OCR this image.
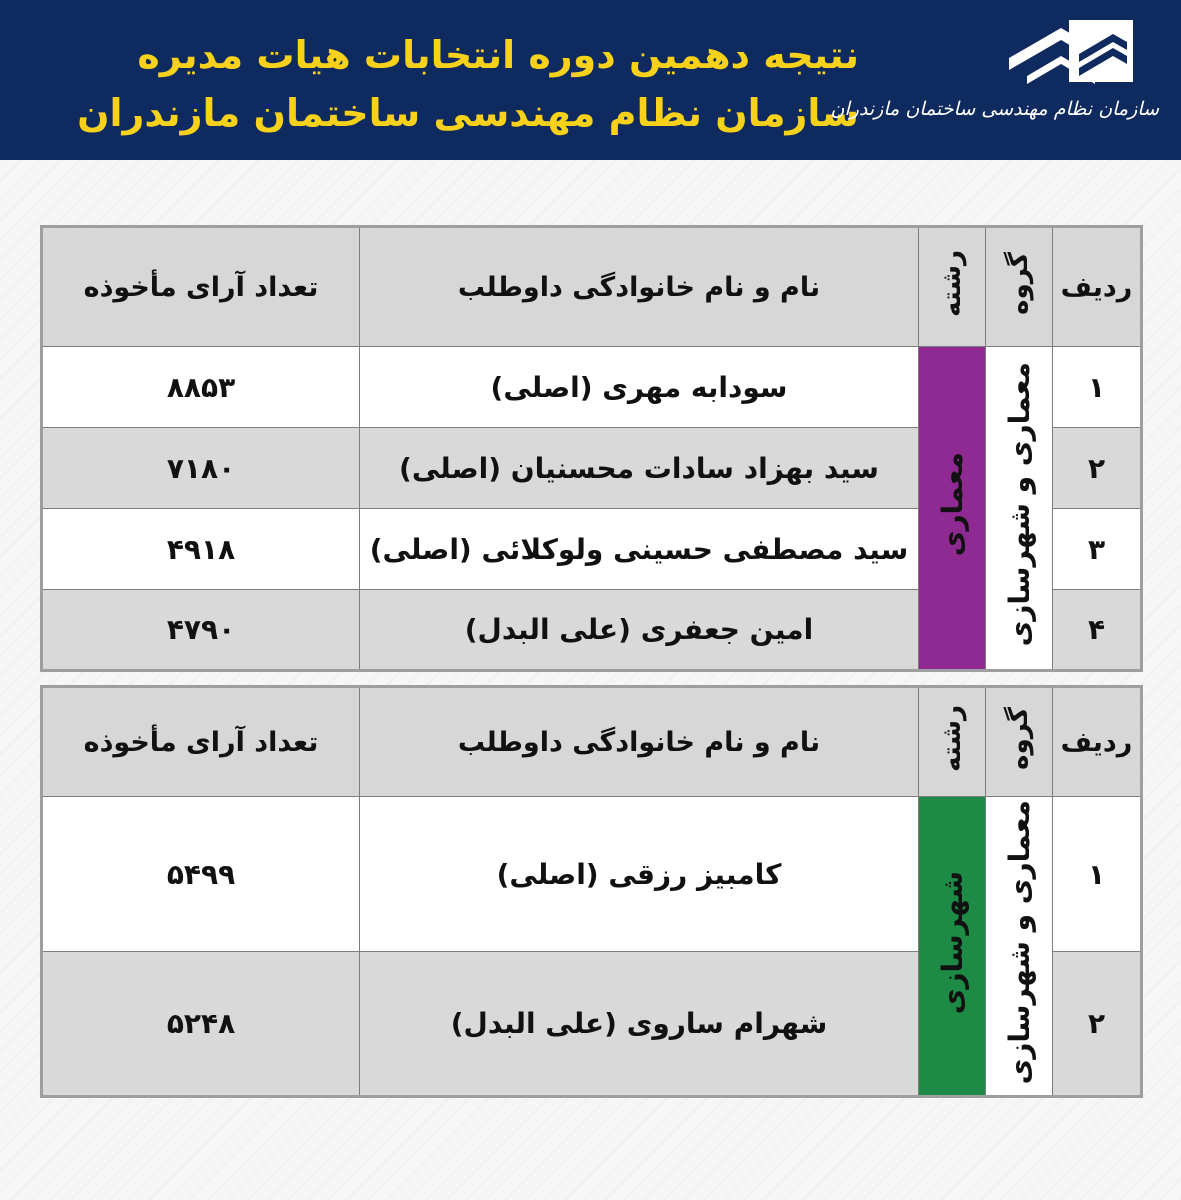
نتیجه دهمین دوره انتخابات هیات مدیره
سازمان نظام مهندسی ساختمان مازندران
سازمان نظام مهندسی ساختمان مازندران
ردیف	گروه	رشته	نام و نام خانوادگی داوطلب	تعداد آرای مأخوذه
۱	معماری و شهرسازی	معماری	سودابه مهری (اصلی)	۸۸۵۳
۲			سید بهزاد سادات محسنیان (اصلی)	۷۱۸۰
۳			سید مصطفی حسینی ولوکلائی (اصلی)	۴۹۱۸
۴			امین جعفری (علی البدل)	۴۷۹۰
ردیف	گروه	رشته	نام و نام خانوادگی داوطلب	تعداد آرای مأخوذه
۱	معماری و شهرسازی	شهرسازی	کامبیز رزقی (اصلی)	۵۴۹۹
۲			شهرام ساروی (علی البدل)	۵۲۴۸
